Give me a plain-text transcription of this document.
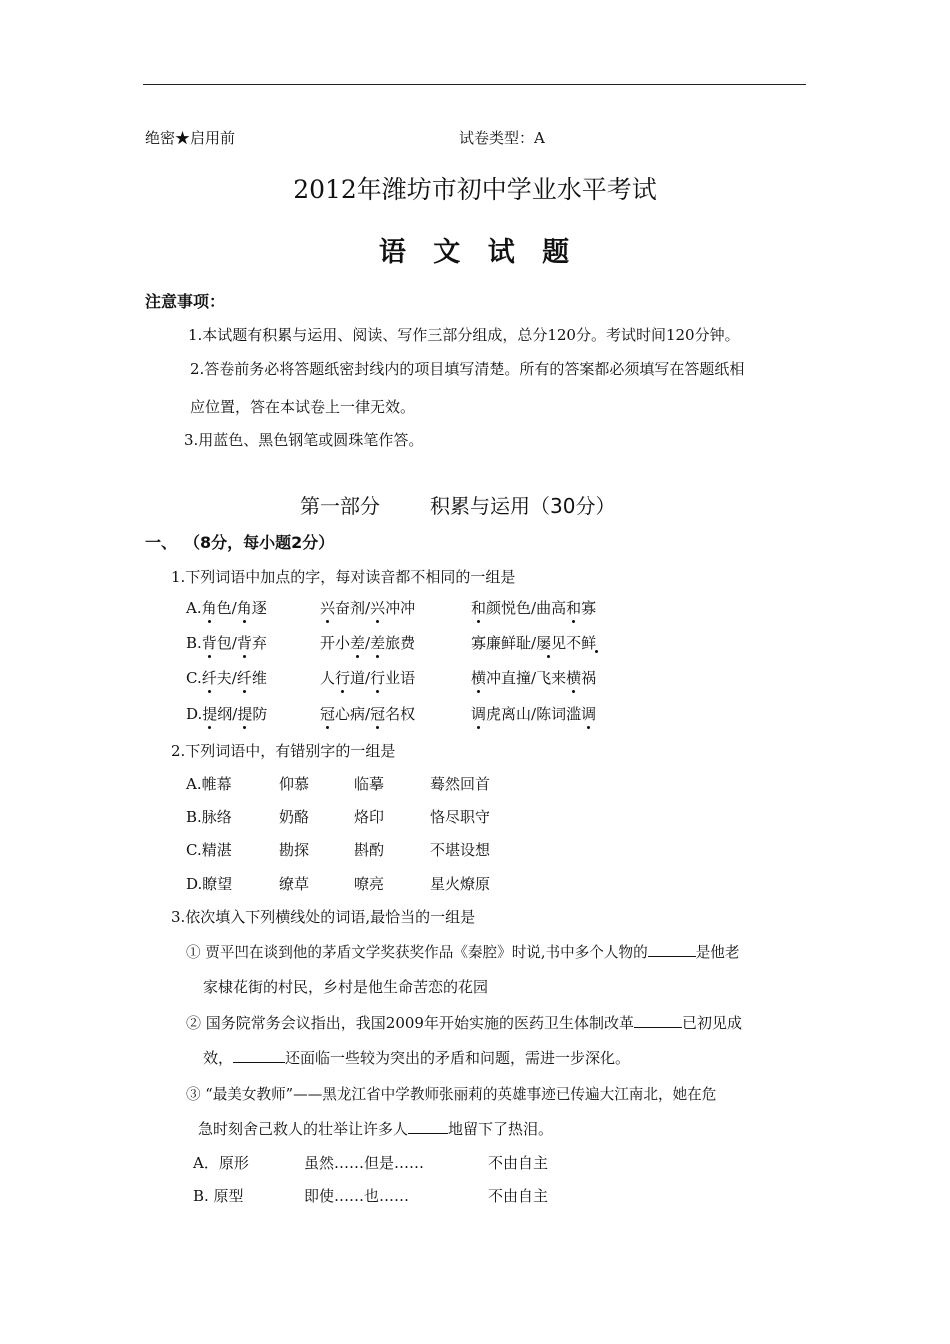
绝密★启用前	试卷类型：A
2012年潍坊市初中学业水平考试
语 文 试 题
注意事项：
1.本试题有积累与运用、阅读、写作三部分组成，总分120分。考试时间120分钟。
2.答卷前务必将答题纸密封线内的项目填写清楚。所有的答案都必须填写在答题纸相
应位置，答在本试卷上一律无效。
3.用蓝色、黑色钢笔或圆珠笔作答。
第一部分	积累与运用（30分）
一、 （8分，每小题2分）
1.下列词语中加点的字，每对读音都不相同的一组是
A.角色/角逐	兴奋剂/兴冲冲	和颜悦色/曲高和寡
B.背包/背弃	开小差/差旅费	寡廉鲜耻/屡见不鲜
C.纤夫/纤维	人行道/行业语	横冲直撞/飞来横祸
D.提纲/提防	冠心病/冠名权	调虎离山/陈词滥调
2.下列词语中，有错别字的一组是
A.帷幕	仰慕	临摹	蓦然回首
B.脉络	奶酪	烙印	恪尽职守
C.精湛	勘探	斟酌	不堪设想
D.瞭望	缭草	嘹亮	星火燎原
3.依次填入下列横线处的词语,最恰当的一组是
① 贾平凹在谈到他的茅盾文学奖获奖作品《秦腔》时说,书中多个人物的	是他老
家棣花街的村民，乡村是他生命苦恋的花园
② 国务院常务会议指出，我国2009年开始实施的医药卫生体制改革	已初见成
效，	还面临一些较为突出的矛盾和问题，需进一步深化。
③ “最美女教师”——黑龙江省中学教师张丽莉的英雄事迹已传遍大江南北，她在危
急时刻舍己救人的壮举让许多人	地留下了热泪。
A．原形	虽然……但是……	不由自主
B. 原型	即使……也……	不由自主
